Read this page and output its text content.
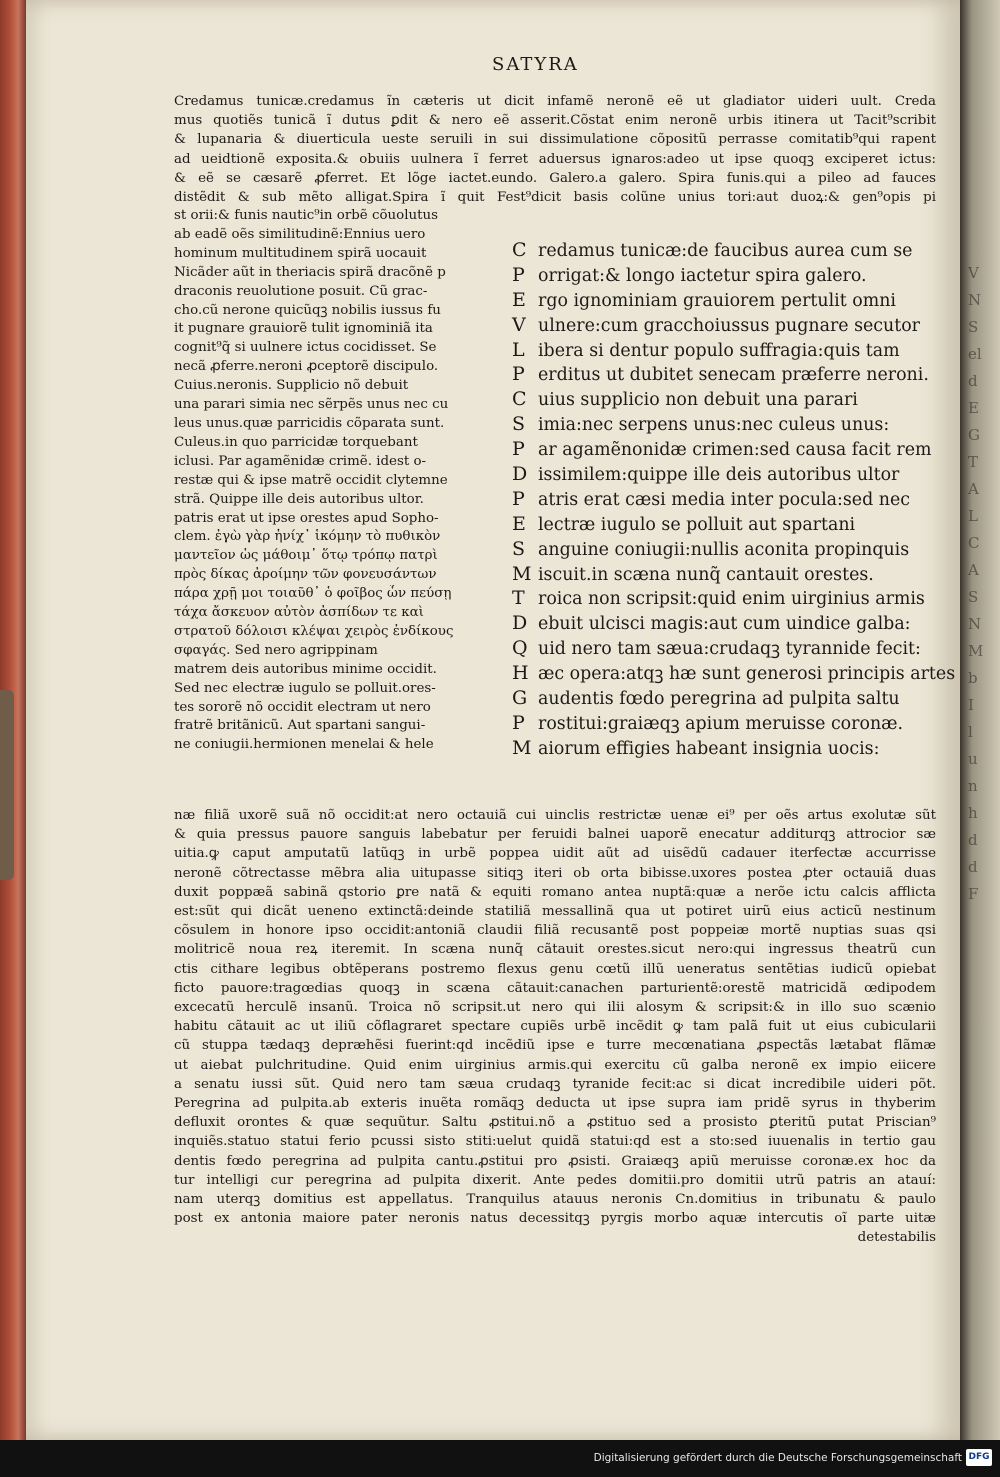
V
N
S
el
d
E
G
T
A
L
C
A
S
N
M
b
I
l
u
n
h
d
d
F
SATYRA
Credamus tunicæ.credamus ĩn cæteris ut dicit infamẽ neronẽ eẽ ut gladiator uideri uult. Creda
mus quotiẽs tunicã ĩ dutus ꝑdit & nero eẽ asserit.Cõstat enim neronẽ urbis itinera ut Tacit⁹scribit
& lupanaria & diuerticula ueste seruili in sui dissimulatione cõpositũ perrasse comitatib⁹qui rapent
ad ueidtionẽ exposita.& obuiis uulnera ĩ ferret aduersus ignaros:adeo ut ipse quoqꝫ exciperet ictus:
& eẽ se cæsarẽ ꝓferret. Et lõge iactet.eundo. Galero.a galero. Spira funis.qui a pileo ad fauces
distẽdit & sub mẽto alligat.Spira ĩ quit Fest⁹dicit basis colũne unius tori:aut duoꝝ:& gen⁹opis pi
st orii:& funis nautic⁹in orbẽ cõuolutus
ab eadẽ oẽs similitudinẽ:Ennius uero
hominum multitudinem spirã uocauit
Nicãder aũt in theriacis spirã dracõnẽ p
draconis reuolutione posuit. Cũ grac-
cho.cũ nerone quicũqꝫ nobilis iussus fu
it pugnare grauiorẽ tulit ignominiã ita
cognit⁹q̃ si uulnere ictus cocidisset. Se
necã ꝓferre.neroni ꝓceptorẽ discipulo.
Cuius.neronis. Supplicio nõ debuit
una parari simia nec sẽrpẽs unus nec cu
leus unus.quæ parricidis cõparata sunt.
Culeus.in quo parricidæ torquebant
iclusi. Par agamẽnidæ crimẽ. idest o-
restæ qui & ipse matrẽ occidit clytemne
strã. Quippe ille deis autoribus ultor.
patris erat ut ipse orestes apud Sopho-
clem. ἐγὼ γὰρ ἡνίχ᾽ ἱκόμην τὸ πυθικὸν
μαντεῖον ὡς μάθοιμ᾽ ὅτῳ τρόπῳ πατρὶ
πρὸς δίκας ἀροίμην τῶν φονευσάντων
πάρα χρῇ μοι τοιαῦθ᾽ ὁ φοῖβος ὧν πεύσῃ
τάχα ἄσκευον αὐτὸν ἀσπίδων τε καὶ
στρατοῦ δόλοισι κλέψαι χειρὸς ἐνδίκους
σφαγάς. Sed nero agrippinam
matrem deis autoribus minime occidit.
Sed nec electræ iugulo se polluit.ores-
tes sororẽ nõ occidit electram ut nero
fratrẽ britãnicũ. Aut spartani sangui-
ne coniugii.hermionen menelai & hele
C redamus tunicæ:de faucibus aurea cum se
P orrigat:& longo iactetur spira galero.
E rgo ignominiam grauiorem pertulit omni
V ulnere:cum gracchoiussus pugnare secutor
L ibera si dentur populo suffragia:quis tam
P erditus ut dubitet senecam præferre neroni.
C uius supplicio non debuit una parari
S imia:nec serpens unus:nec culeus unus:
P ar agamẽnonidæ crimen:sed causa facit rem
D issimilem:quippe ille deis autoribus ultor
P atris erat cæsi media inter pocula:sed nec
E lectræ iugulo se polluit aut spartani
S anguine coniugii:nullis aconita propinquis
M iscuit.in scæna nunq̃ cantauit orestes.
T roica non scripsit:quid enim uirginius armis
D ebuit ulcisci magis:aut cum uindice galba:
Q uid nero tam sæua:crudaqꝫ tyrannide fecit:
H æc opera:atqꝫ hæ sunt generosi principis artes
G audentis fœdo peregrina ad pulpita saltu
P rostitui:graiæqꝫ apium meruisse coronæ.
M aiorum effigies habeant insignia uocis:
næ filiã uxorẽ suã nõ occidit:at nero octauiã cui uinclis restrictæ uenæ ei⁹ per oẽs artus exolutæ sũt
& quia pressus pauore sanguis labebatur per feruidi balnei uaporẽ enecatur additurqꝫ attrocior sæ
uitia.ꝙ caput amputatũ latũqꝫ in urbẽ poppea uidit aũt ad uisẽdũ cadauer iterfectæ accurrisse
neronẽ cõtrectasse mẽbra alia uitupasse sitiqꝫ iteri ob orta bibisse.uxores postea ꝓter octauiã duas
duxit poppæã sabinã qstorio ꝑre natã & equiti romano antea nuptã:quæ a nerõe ictu calcis afflicta
est:sũt qui dicãt ueneno extinctã:deinde statiliã messallinã qua ut potiret uirũ eius acticũ nestinum
cõsulem in honore ipso occidit:antoniã claudii filiã recusantẽ post poppeiæ mortẽ nuptias suas qsi
molitricẽ noua reꝝ iteremit. In scæna nunq̃ cãtauit orestes.sicut nero:qui ingressus theatrũ cun
ctis cithare legibus obtẽperans postremo flexus genu cœtũ illũ ueneratus sentẽtias iudicũ opiebat
ficto pauore:tragœdias quoqꝫ in scæna cãtauit:canachen parturientẽ:orestẽ matricidã œdipodem
excecatũ herculẽ insanũ. Troica nõ scripsit.ut nero qui ilii alosym & scripsit:& in illo suo scænio
habitu cãtauit ac ut iliũ cõflagraret spectare cupiẽs urbẽ incẽdit ꝙ tam palã fuit ut eius cubicularii
cũ stuppa tædaqꝫ depræhẽsi fuerint:qd incẽdiũ ipse e turre mecœnatiana ꝓspectãs lætabat flãmæ
ut aiebat pulchritudine. Quid enim uirginius armis.qui exercitu cũ galba neronẽ ex impio eiicere
a senatu iussi sũt. Quid nero tam sæua crudaqꝫ tyranide fecit:ac si dicat incredibile uideri põt.
Peregrina ad pulpita.ab exteris inuẽta romãqꝫ deducta ut ipse supra iam pridẽ syrus in thyberim
defluxit orontes & quæ sequũtur. Saltu ꝓstitui.nõ a ꝓstituo sed a prosisto ꝑteritũ putat Priscian⁹
inquiẽs.statuo statui ferio pcussi sisto stiti:uelut quidã statui:qd est a sto:sed iuuenalis in tertio gau
dentis fœdo peregrina ad pulpita cantu.ꝓstitui pro ꝓsisti. Graiæqꝫ apiũ meruisse coronæ.ex hoc da
tur intelligi cur peregrina ad pulpita dixerit. Ante pedes domitii.pro domitii utrũ patris an atauí:
nam uterqꝫ domitius est appellatus. Tranquilus atauus neronis Cn.domitius in tribunatu & paulo
post ex antonia maiore pater neronis natus decessitqꝫ pyrgis morbo aquæ intercutis oĩ parte uitæ
detestabilis
Digitalisierung gefördert durch die Deutsche Forschungsgemeinschaft DFG
